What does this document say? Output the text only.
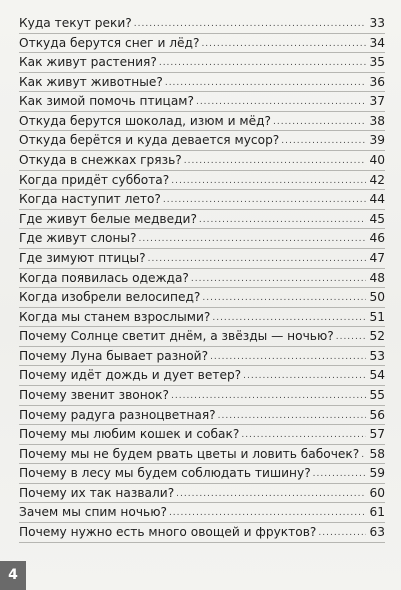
Куда текут реки? .....	33
Откуда берутся снег и лёд? .....	34
Как живут растения? .....	35
Как живут животные? .....	36
Как зимой помочь птицам? .....	37
Откуда берутся шоколад, изюм и мёд? .....	38
Откуда берётся и куда девается мусор? .....	39
Откуда в снежках грязь? .....	40
Когда придёт суббота? .....	42
Когда наступит лето? .....	44
Где живут белые медведи? .....	45
Где живут слоны? .....	46
Где зимуют птицы? .....	47
Когда появилась одежда? .....	48
Когда изобрели велосипед? .....	50
Когда мы станем взрослыми? .....	51
Почему Солнце светит днём, а звёзды — ночью? .....	52
Почему Луна бывает разной? .....	53
Почему идёт дождь и дует ветер? .....	54
Почему звенит звонок? .....	55
Почему радуга разноцветная? .....	56
Почему мы любим кошек и собак? .....	57
Почему мы не будем рвать цветы и ловить бабочек? ..... 58
Почему в лесу мы будем соблюдать тишину? .....	59
Почему их так назвали? .....	60
Зачем мы спим ночью? .....	61
Почему нужно есть много овощей и фруктов? .....	63
4
